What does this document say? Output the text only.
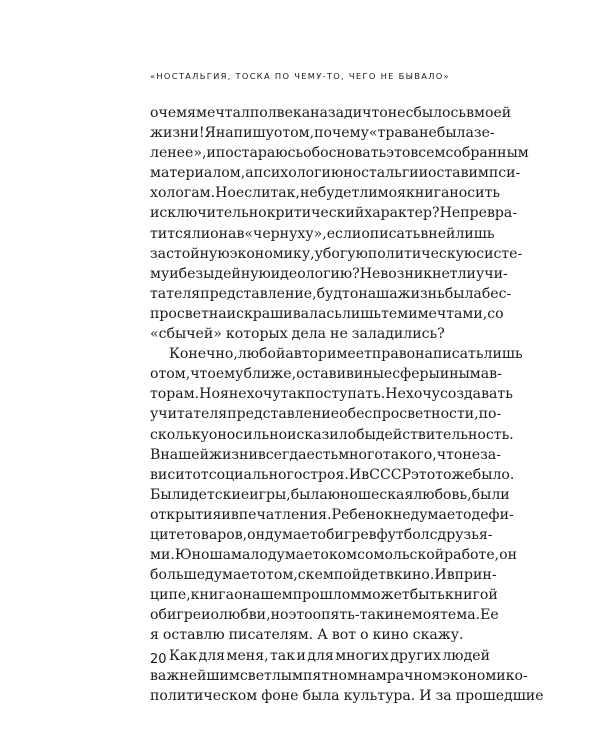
«НОСТАЛЬГИЯ, ТОСКА ПО ЧЕМУ-ТО, ЧЕГО НЕ БЫВАЛО»
о чем я мечтал полвека назад и что не сбылось в моей
жизни! Я напишу о том, почему «трава не была зе-
ленее», и постараюсь обосновать это всем собранным
материалом, а психологию ностальгии оставим пси-
хологам. Но если так, не будет ли моя книга носить
исключительно критический характер? Не превра-
тится ли она в «чернуху», если описать в ней лишь
застойную экономику, убогую политическую систе-
му и безыдейную идеологию? Не возникнет ли у чи-
тателя представление, будто наша жизнь была бес-
просветна и скрашивалась лишь теми мечтами, со
«сбычей» которых дела не заладились?
Конечно, любой автор имеет право написать лишь
о том, что ему ближе, оставив иные сферы иным ав-
торам. Но я не хочу так поступать. Не хочу создавать
у читателя представление о беспросветности, по-
скольку оно сильно исказило бы действительность.
В нашей жизни всегда есть много такого, что не за-
висит от социального строя. И в СССР это тоже было.
Были детские игры, была юношеская любовь, были
открытия и впечатления. Ребенок не думает о дефи-
ците товаров, он думает об игре в футбол с друзья-
ми. Юноша мало думает о комсомольской работе, он
больше думает о том, с кем пойдет в кино. И в прин-
ципе, книга о нашем прошлом может быть книгой
об игре и о любви, но это опять-таки не моя тема. Ее
я оставлю писателям. А вот о кино скажу.
Как для меня, так и для многих других людей
важнейшим светлым пятном на мрачном экономико-
политическом фоне была культура. И за прошедшие
20
